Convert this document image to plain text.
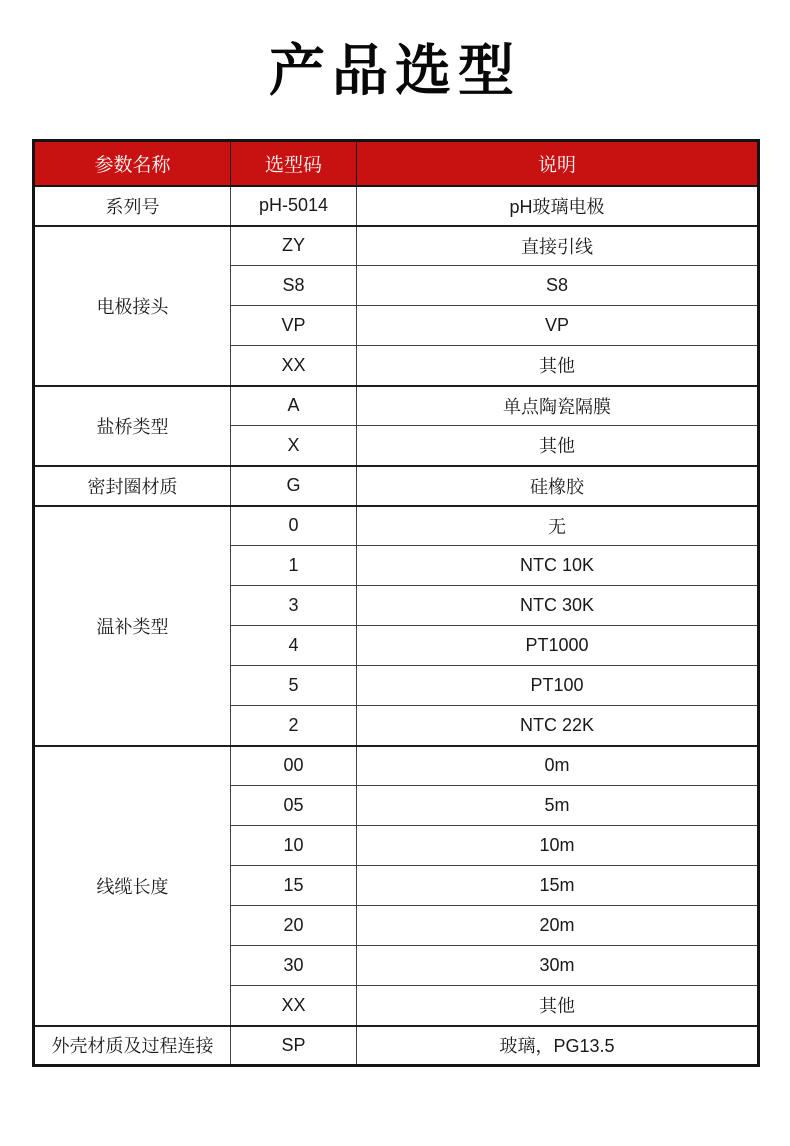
产品选型
参数名称	选型码	说明
系列号	pH-5014	pH玻璃电极
电极接头	ZY	直接引线
	S8	S8
	VP	VP
	XX	其他
盐桥类型	A	单点陶瓷隔膜
	X	其他
密封圈材质	G	硅橡胶
温补类型	0	无
	1	NTC 10K
	3	NTC 30K
	4	PT1000
	5	PT100
	2	NTC 22K
线缆长度	00	0m
	05	5m
	10	10m
	15	15m
	20	20m
	30	30m
	XX	其他
外壳材质及过程连接	SP	玻璃，PG13.5
